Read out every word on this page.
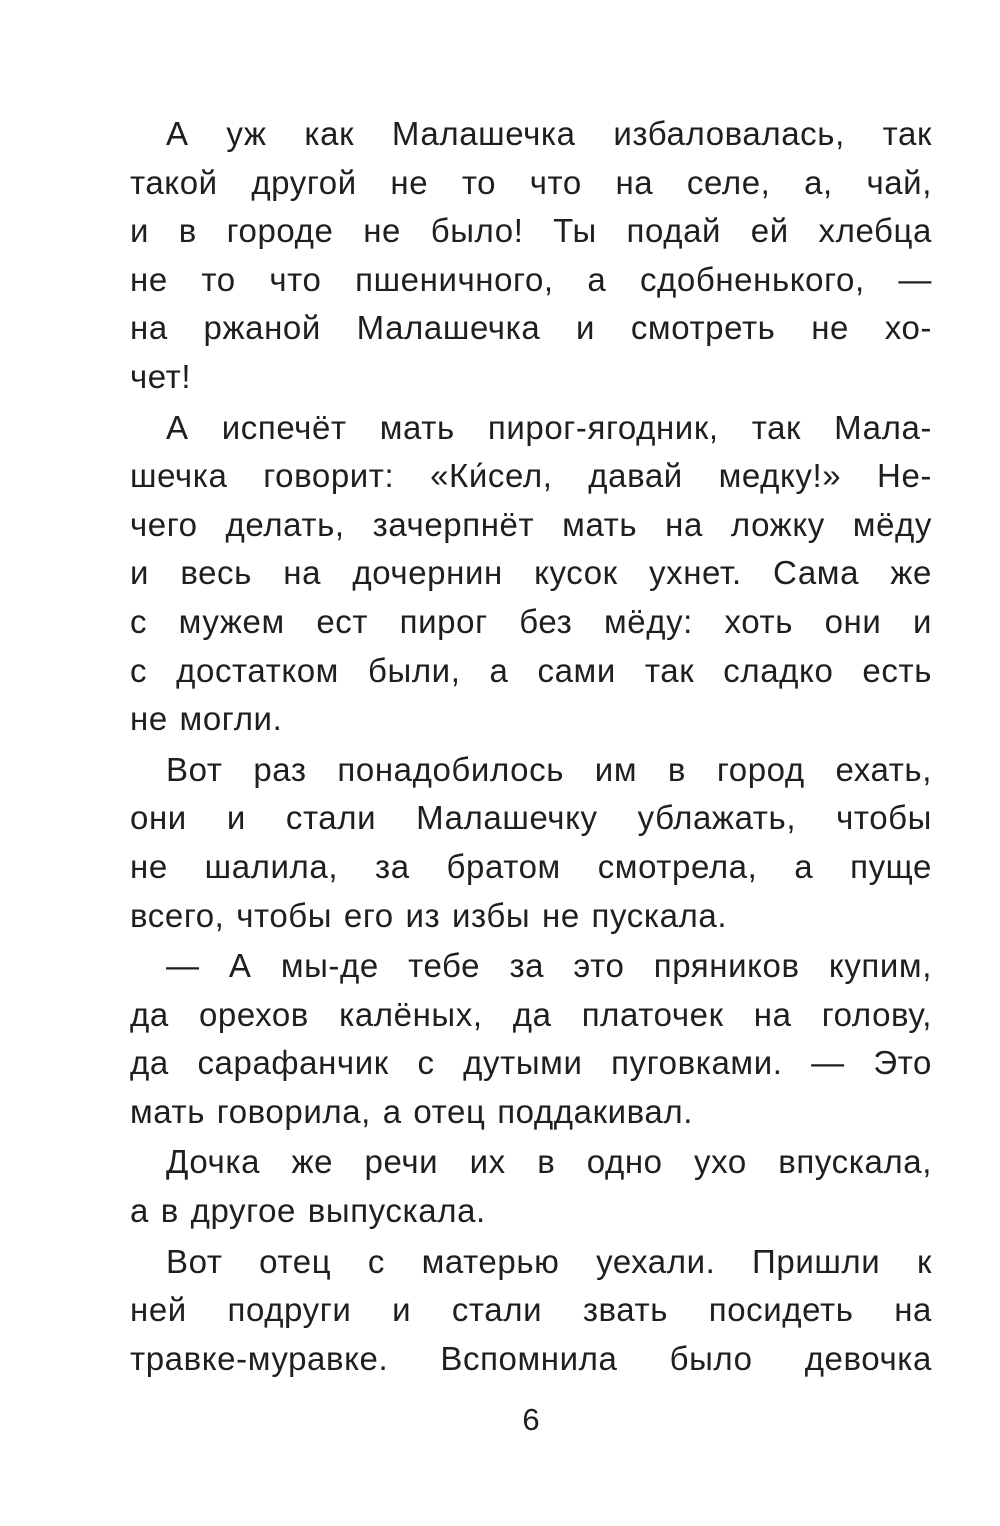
А уж как Малашечка избаловалась, так
такой другой не то что на селе, а, чай,
и в городе не было! Ты подай ей хлебца
не то что пшеничного, а сдобненького, —
на ржаной Малашечка и смотреть не хо-
чет!
А испечёт мать пирог-ягодник, так Мала-
шечка говорит: «Ки́сел, давай медку!» Не-
чего делать, зачерпнёт мать на ложку мёду
и весь на дочернин кусок ухнет. Сама же
с мужем ест пирог без мёду: хоть они и
с достатком были, а сами так сладко есть
не могли.
Вот раз понадобилось им в город ехать,
они и стали Малашечку ублажать, чтобы
не шалила, за братом смотрела, а пуще
всего, чтобы его из избы не пускала.
— А мы-де тебе за это пряников купим,
да орехов калёных, да платочек на голову,
да сарафанчик с дутыми пуговками. — Это
мать говорила, а отец поддакивал.
Дочка же речи их в одно ухо впускала,
а в другое выпускала.
Вот отец с матерью уехали. Пришли к
ней подруги и стали звать посидеть на
травке-муравке. Вспомнила было девочка
6
